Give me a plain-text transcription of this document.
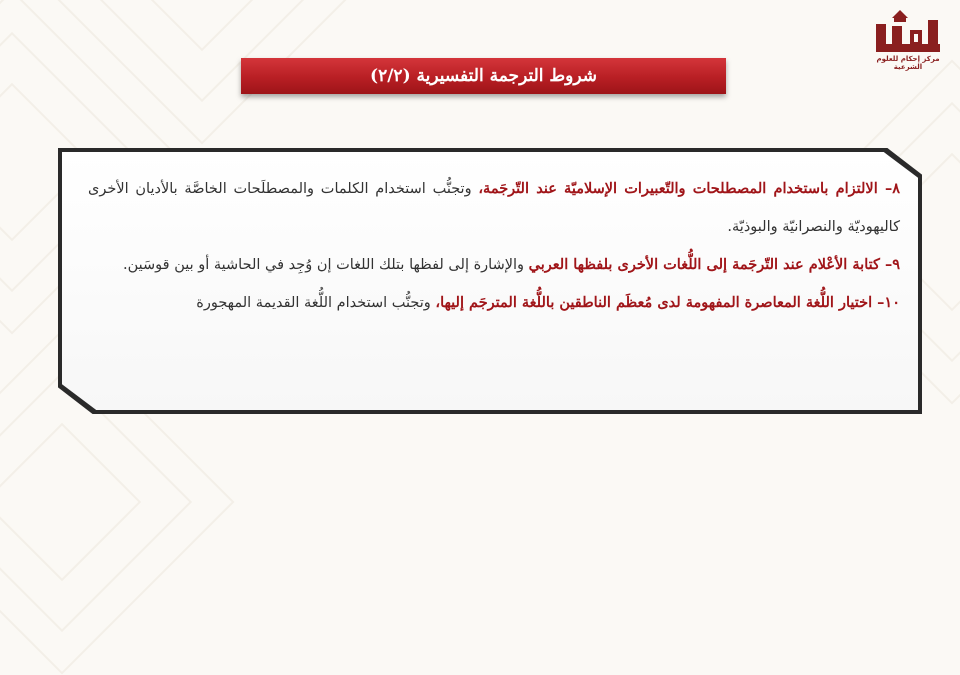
مركز إحكام للعلوم الشرعية
شروط الترجمة التفسيرية (٢/٢)

٨– الالتزام باستخدام المصطلحات والتّعبيرات الإسلاميّة عند التّرجَمة، وتجنُّب استخدام الكلمات والمصطلَحات الخاصَّة بالأديان الأخرى كاليهوديّة والنصرانيّة والبوذيّة.

٩– كتابة الأعْلام عند التّرجَمة إلى اللُّغات الأخرى بلفظها العربي والإشارة إلى لفظها بتلك اللغات إن وُجِد في الحاشية أو بين قوسَين.

١٠– اختيار اللُّغة المعاصرة المفهومة لدى مُعظَم الناطقين باللُّغة المترجَم إليها، وتجنُّب استخدام اللُّغة القديمة المهجورة
